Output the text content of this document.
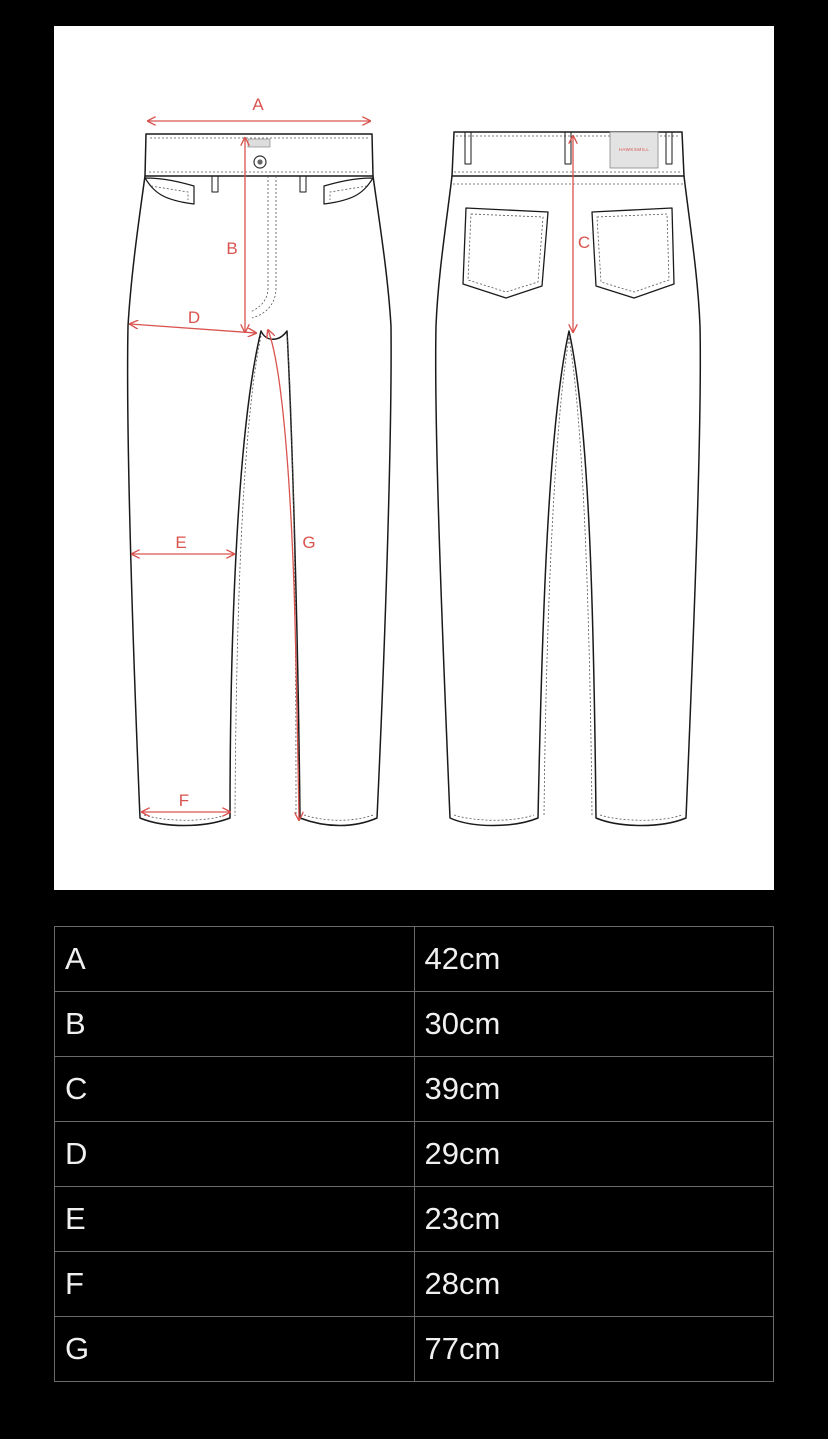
HAWKSMILL
A
B	C
D
E
F
G
A	42cm
B	30cm
C	39cm
D	29cm
E	23cm
F	28cm
G	77cm
